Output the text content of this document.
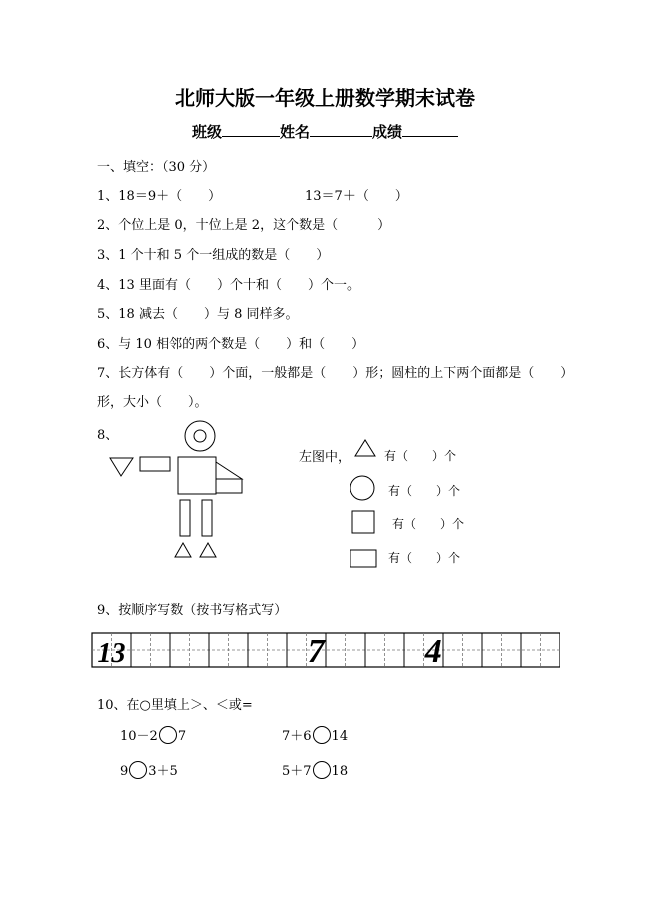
北师大版一年级上册数学期末试卷
班级	姓名	成绩
一、填空：（30 分）
1、18＝9＋（　　）	13＝7＋（　　）
2、个位上是 0，十位上是 2，这个数是（　　　）
3、1 个十和 5 个一组成的数是（　　）
4、13 里面有（　　）个十和（　　）个一。
5、18 减去（　　）与 8 同样多。
6、与 10 相邻的两个数是（　　）和（　　）
7、长方体有（　　）个面，一般都是（　　）形；圆柱的上下两个面都是（　　）
形，大小（　　）。
8、
左图中，	有（　　）个
有（　　）个
有（　　）个
有（　　）个
9、按顺序写数（按书写格式写）
13	7	4
10、在○里填上＞、＜或=
10－2 7	7＋6 14
9 3＋5	5＋7 18
